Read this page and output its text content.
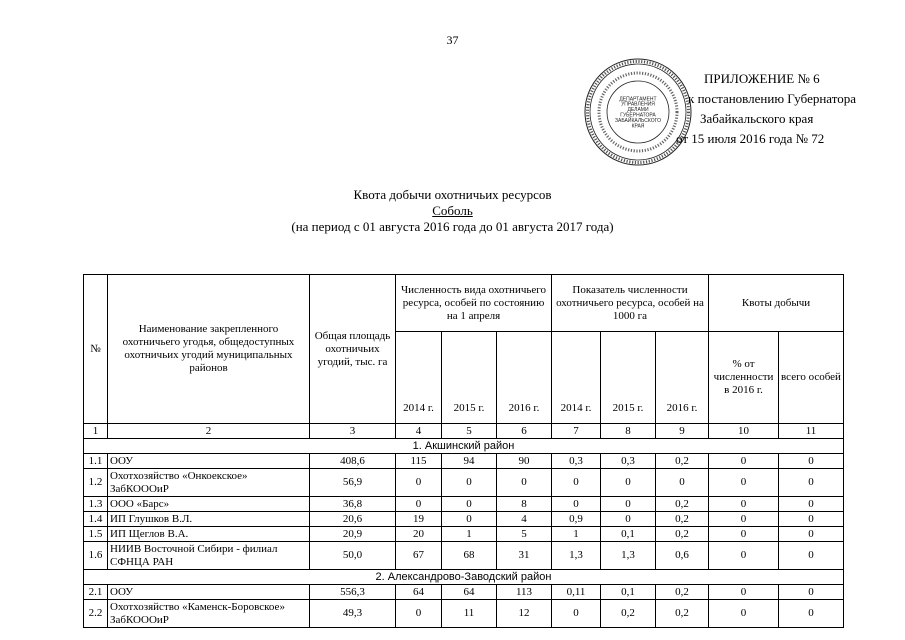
37
ДЕПАРТАМЕНТ
УПРАВЛЕНИЯ
ДЕЛАМИ
ГУБЕРНАТОРА
ЗАБАЙКАЛЬСКОГО
КРАЯ
ПРИЛОЖЕНИЕ № 6
к постановлению Губернатора
Забайкальского края
от 15 июля 2016 года № 72
Квота добычи охотничьих ресурсов
Соболь
(на период с 01 августа 2016 года до 01 августа 2017 года)
№	Наименование закрепленного охотничьего угодья, общедоступных охотничьих угодий муниципальных районов	Общая площадь охотничьих угодий, тыс. га	Численность вида охотничьего ресурса, особей по состоянию на 1 апреля			Показатель численности охотничьего ресурса, особей на 1000 га			Квоты добычи	
			2014 г.	2015 г.	2016 г.	2014 г.	2015 г.	2016 г.	% от численности в 2016 г.	всего особей
1	2	3	4	5	6	7	8	9	10	11
1. Акшинский район										
1.1	ООУ	408,6	115	94	90	0,3	0,3	0,2	0	0
1.2	Охотхозяйство «Онкоекское» ЗабКОООиР	56,9	0	0	0	0	0	0	0	0
1.3	ООО «Барс»	36,8	0	0	8	0	0	0,2	0	0
1.4	ИП Глушков В.Л.	20,6	19	0	4	0,9	0	0,2	0	0
1.5	ИП Щеглов В.А.	20,9	20	1	5	1	0,1	0,2	0	0
1.6	НИИВ Восточной Сибири - филиал СФНЦА РАН	50,0	67	68	31	1,3	1,3	0,6	0	0
2. Александрово-Заводский район										
2.1	ООУ	556,3	64	64	113	0,11	0,1	0,2	0	0
2.2	Охотхозяйство «Каменск-Боровское» ЗабКОООиР	49,3	0	11	12	0	0,2	0,2	0	0
